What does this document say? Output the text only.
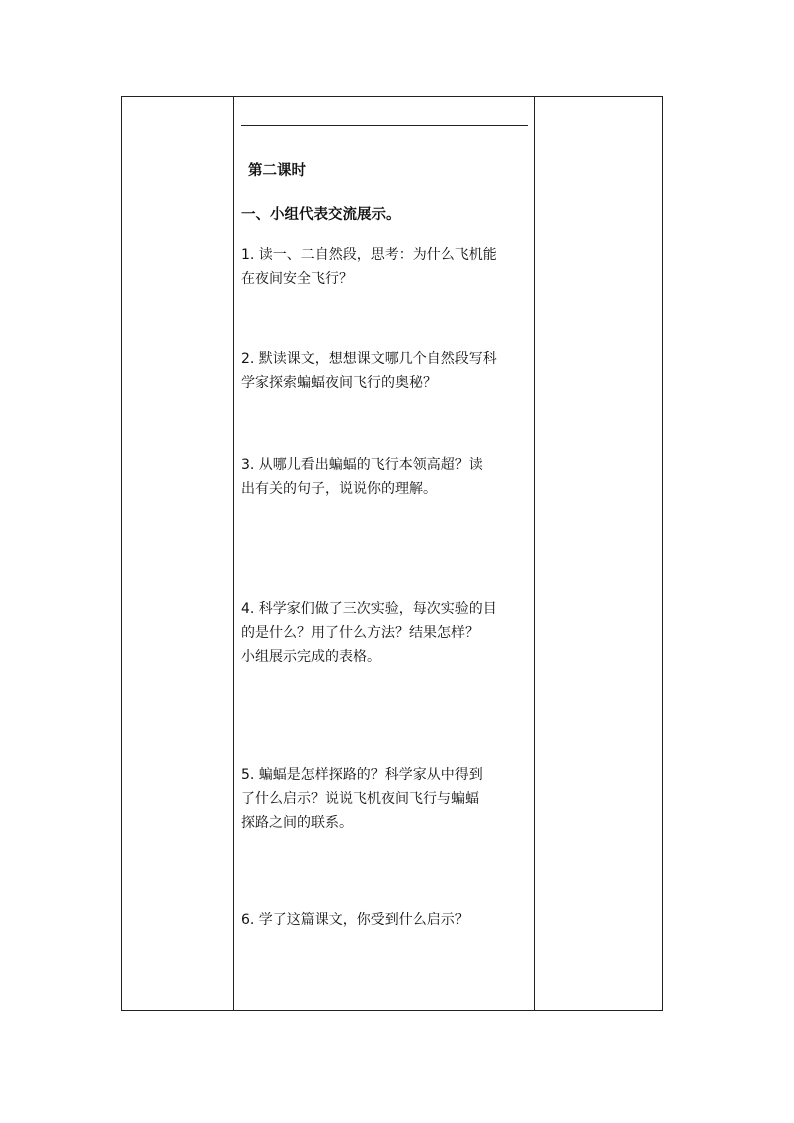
第二课时
一、小组代表交流展示。
1. 读一、二自然段，思考：为什么飞机能
在夜间安全飞行？
2. 默读课文，想想课文哪几个自然段写科
学家探索蝙蝠夜间飞行的奥秘？
3. 从哪儿看出蝙蝠的飞行本领高超？读
出有关的句子，说说你的理解。
4. 科学家们做了三次实验，每次实验的目
的是什么？用了什么方法？结果怎样？
小组展示完成的表格。
5. 蝙蝠是怎样探路的？科学家从中得到
了什么启示？说说飞机夜间飞行与蝙蝠
探路之间的联系。
6. 学了这篇课文，你受到什么启示？
